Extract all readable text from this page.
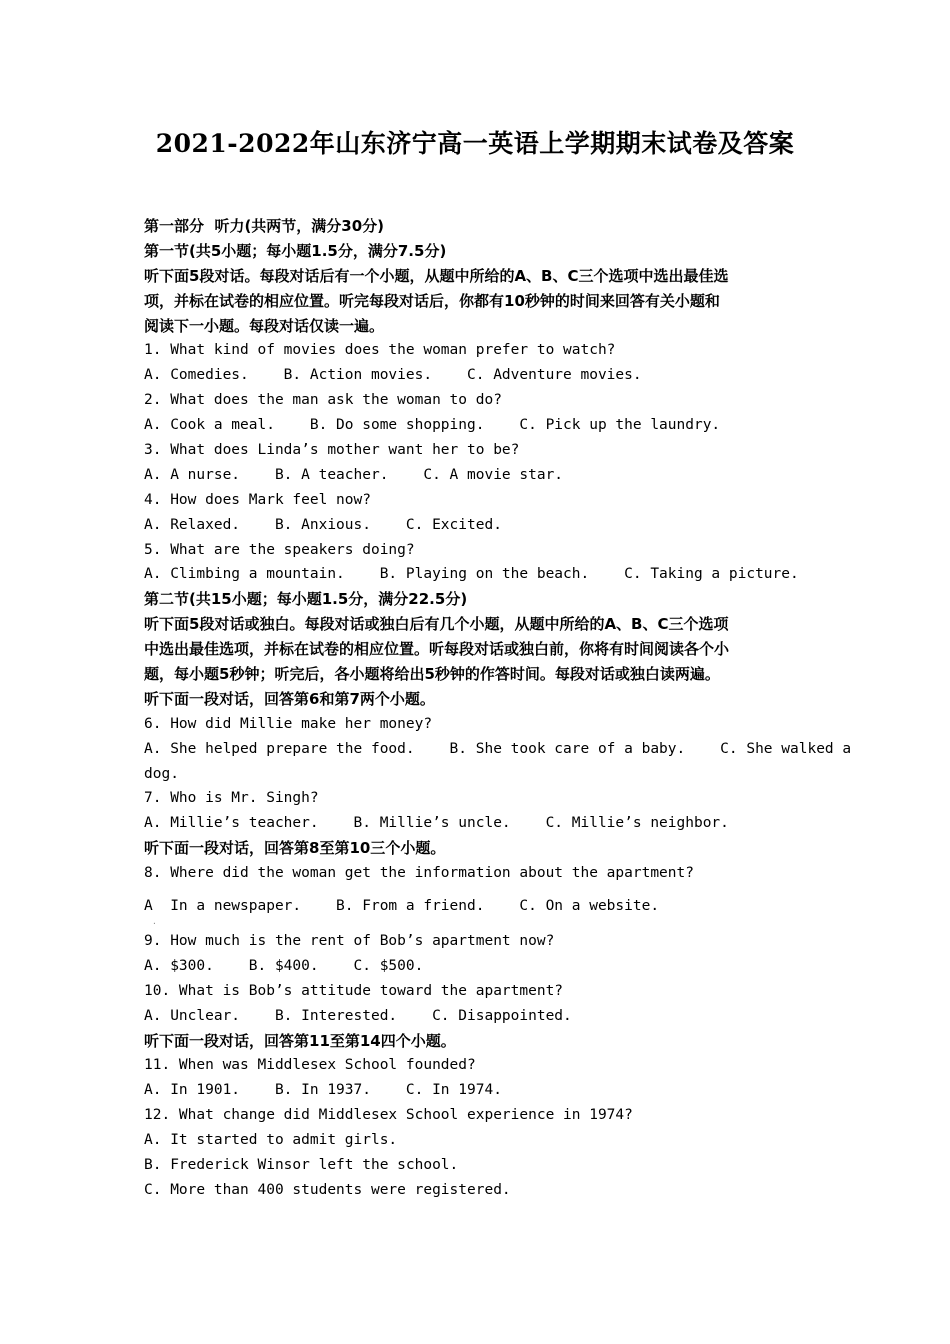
2021-2022年山东济宁高一英语上学期期末试卷及答案
第一部分  听力(共两节，满分30分)
第一节(共5小题；每小题1.5分，满分7.5分)
听下面5段对话。每段对话后有一个小题，从题中所给的A、B、C三个选项中选出最佳选
项，并标在试卷的相应位置。听完每段对话后，你都有10秒钟的时间来回答有关小题和
阅读下一小题。每段对话仅读一遍。
1. What kind of movies does the woman prefer to watch?
A. Comedies.    B. Action movies.    C. Adventure movies.
2. What does the man ask the woman to do?
A. Cook a meal.    B. Do some shopping.    C. Pick up the laundry.
3. What does Linda’s mother want her to be?
A. A nurse.    B. A teacher.    C. A movie star.
4. How does Mark feel now?
A. Relaxed.    B. Anxious.    C. Excited.
5. What are the speakers doing?
A. Climbing a mountain.    B. Playing on the beach.    C. Taking a picture.
第二节(共15小题；每小题1.5分，满分22.5分)
听下面5段对话或独白。每段对话或独白后有几个小题，从题中所给的A、B、C三个选项
中选出最佳选项，并标在试卷的相应位置。听每段对话或独白前，你将有时间阅读各个小
题，每小题5秒钟；听完后，各小题将给出5秒钟的作答时间。每段对话或独白读两遍。
听下面一段对话，回答第6和第7两个小题。
6. How did Millie make her money?
A. She helped prepare the food.    B. She took care of a baby.    C. She walked a
dog.
7. Who is Mr. Singh?
A. Millie’s teacher.    B. Millie’s uncle.    C. Millie’s neighbor.
听下面一段对话，回答第8至第10三个小题。
8. Where did the woman get the information about the apartment?
A  In a newspaper.    B. From a friend.    C. On a website.
·
9. How much is the rent of Bob’s apartment now?
A. $300.    B. $400.    C. $500.
10. What is Bob’s attitude toward the apartment?
A. Unclear.    B. Interested.    C. Disappointed.
听下面一段对话，回答第11至第14四个小题。
11. When was Middlesex School founded?
A. In 1901.    B. In 1937.    C. In 1974.
12. What change did Middlesex School experience in 1974?
A. It started to admit girls.
B. Frederick Winsor left the school.
C. More than 400 students were registered.
